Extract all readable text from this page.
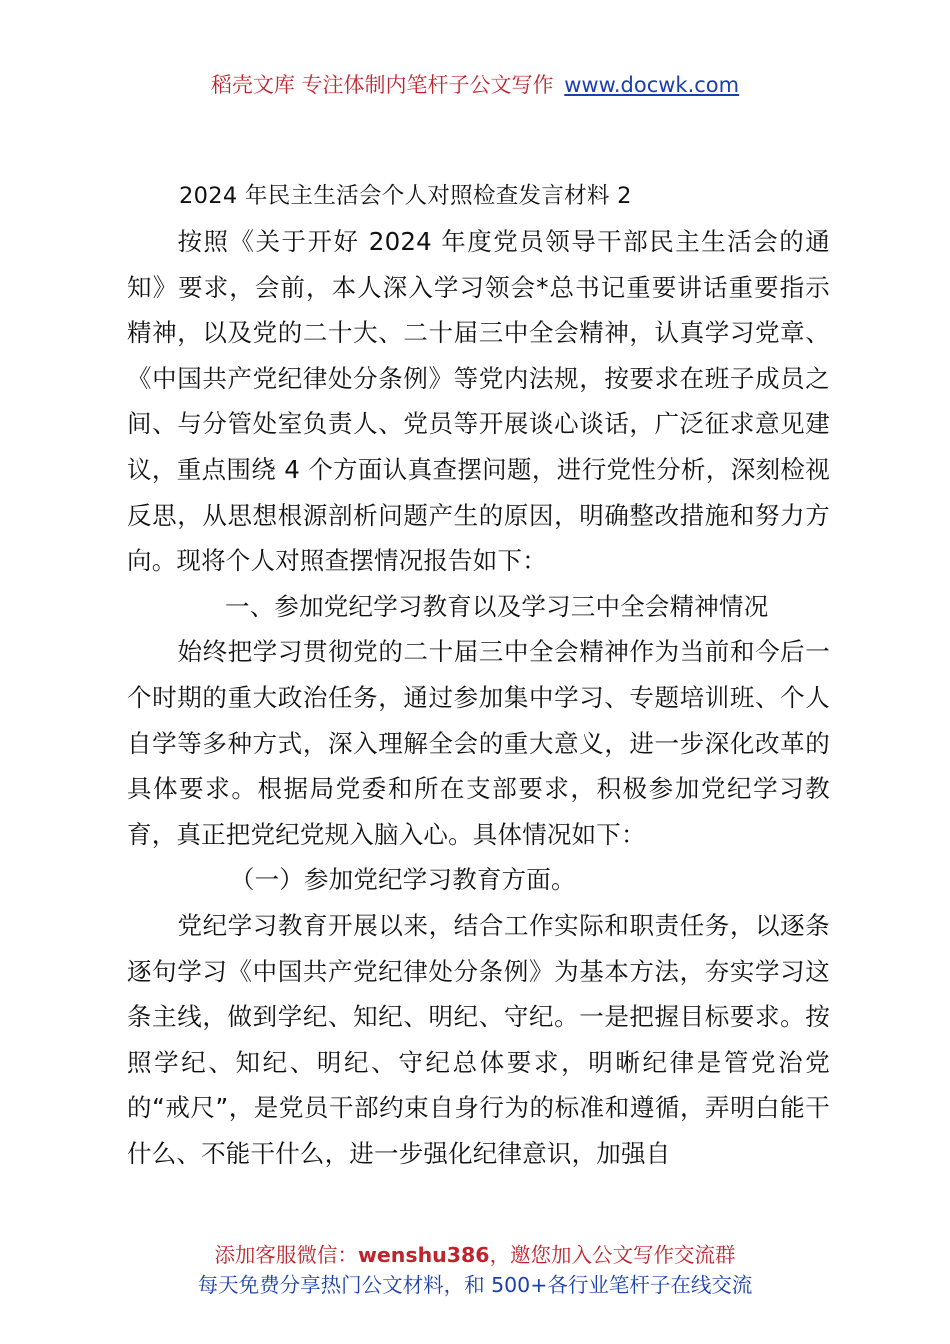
稻壳文库 专注体制内笔杆子公文写作 www.docwk.com
2024 年民主生活会个人对照检查发言材料 2

按照《关于开好 2024 年度党员领导干部民主生活会的通知》要求，会前，本人深入学习领会*总书记重要讲话重要指示精神，以及党的二十大、二十届三中全会精神，认真学习党章、《中国共产党纪律处分条例》等党内法规，按要求在班子成员之间、与分管处室负责人、党员等开展谈心谈话，广泛征求意见建议，重点围绕 4 个方面认真查摆问题，进行党性分析，深刻检视反思，从思想根源剖析问题产生的原因，明确整改措施和努力方向。现将个人对照查摆情况报告如下：

一、参加党纪学习教育以及学习三中全会精神情况

始终把学习贯彻党的二十届三中全会精神作为当前和今后一个时期的重大政治任务，通过参加集中学习、专题培训班、个人自学等多种方式，深入理解全会的重大意义，进一步深化改革的具体要求。根据局党委和所在支部要求，积极参加党纪学习教育，真正把党纪党规入脑入心。具体情况如下：

（一）参加党纪学习教育方面。

党纪学习教育开展以来，结合工作实际和职责任务，以逐条逐句学习《中国共产党纪律处分条例》为基本方法，夯实学习这条主线，做到学纪、知纪、明纪、守纪。一是把握目标要求。按照学纪、知纪、明纪、守纪总体要求，明晰纪律是管党治党的“戒尺”，是党员干部约束自身行为的标准和遵循，弄明白能干什么、不能干什么，进一步强化纪律意识，加强自

添加客服微信：wenshu386，邀您加入公文写作交流群
每天免费分享热门公文材料，和 500+各行业笔杆子在线交流
